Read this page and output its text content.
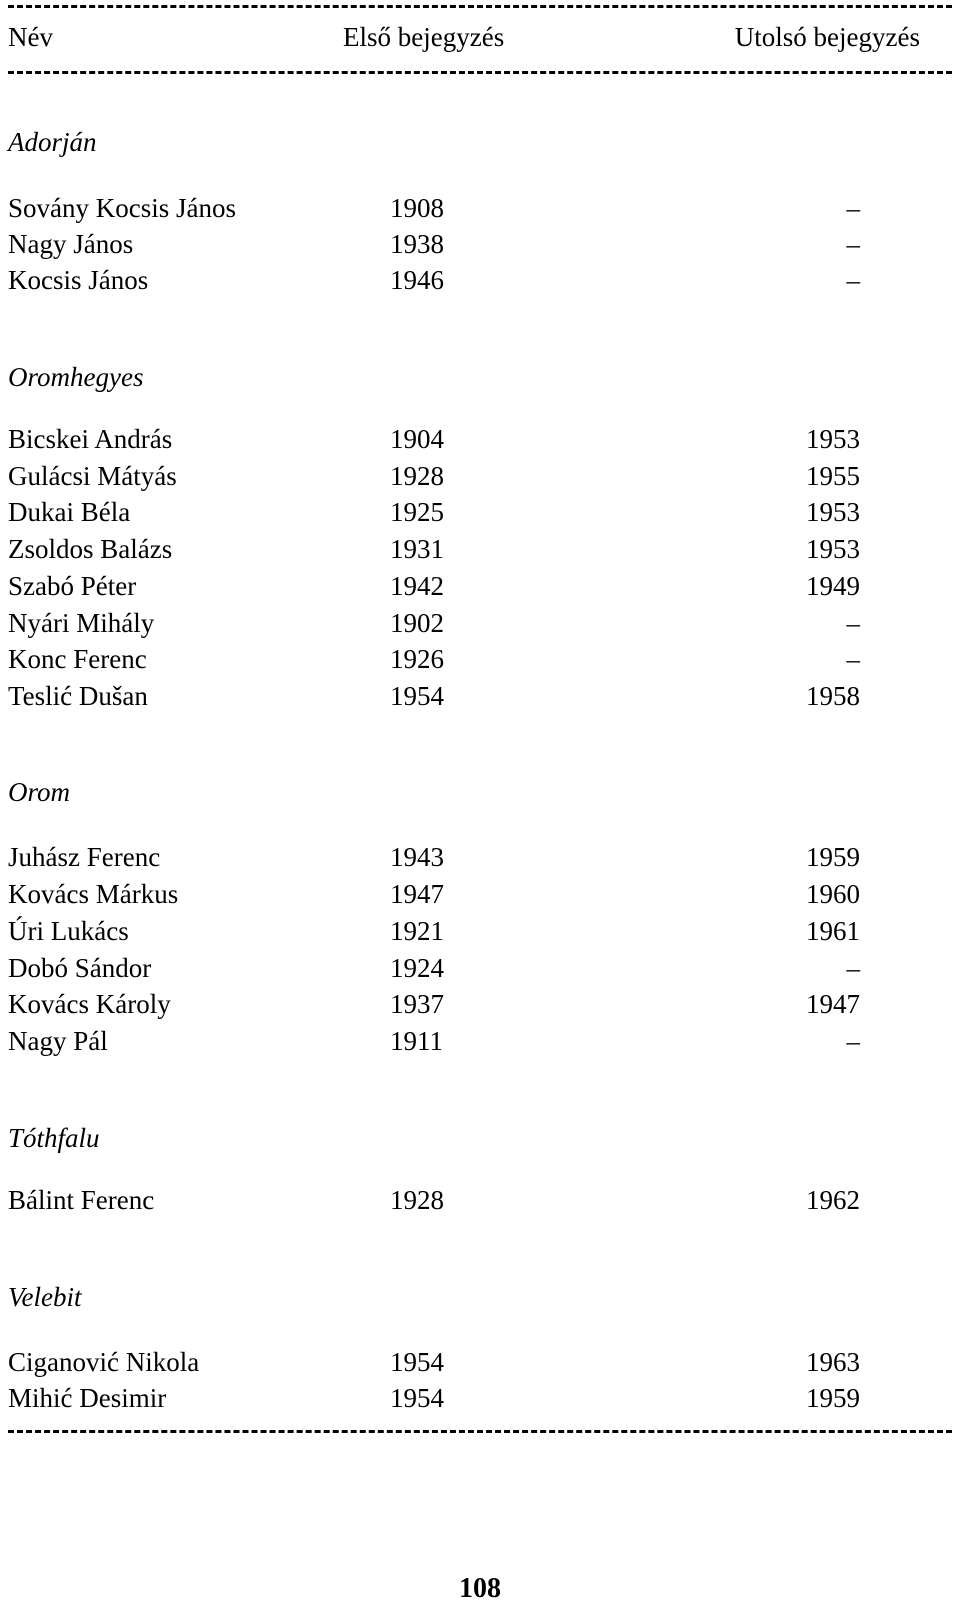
Név	Első bejegyzés	Utolsó bejegyzés
Adorján
Sovány Kocsis János	1908	–
Nagy János	1938	–
Kocsis János	1946	–
Oromhegyes
Bicskei András	1904	1953
Gulácsi Mátyás	1928	1955
Dukai Béla	1925	1953
Zsoldos Balázs	1931	1953
Szabó Péter	1942	1949
Nyári Mihály	1902	–
Konc Ferenc	1926	–
Teslić Dušan	1954	1958
Orom
Juhász Ferenc	1943	1959
Kovács Márkus	1947	1960
Úri Lukács	1921	1961
Dobó Sándor	1924	–
Kovács Károly	1937	1947
Nagy Pál	1911	–
Tóthfalu
Bálint Ferenc	1928	1962
Velebit
Ciganović Nikola	1954	1963
Mihić Desimir	1954	1959
108
